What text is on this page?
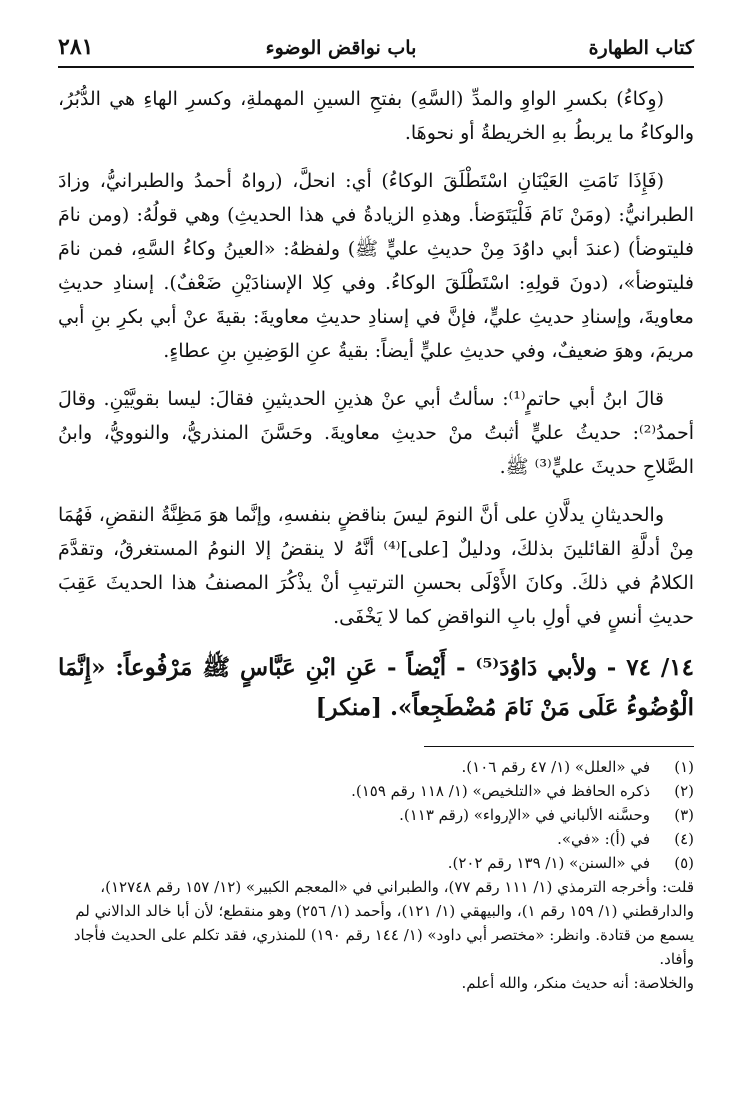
٢٨١	باب نواقض الوضوء	كتاب الطهارة

(وِكاءُ) بكسرِ الواوِ والمدِّ (السَّهِ) بفتحِ السينِ المهملةِ، وكسرِ الهاءِ هي الدُّبُرُ، والوكاءُ ما يربطُ بهِ الخريطةُ أو نحوهَا.

(فَإِذَا نَامَتِ العَيْنَانِ اسْتَطْلَقَ الوكاءُ) أي: انحلَّ، (رواهُ أحمدُ والطبرانيُّ، وزادَ الطبرانيُّ: (ومَنْ نَامَ فَلْيَتَوَضأ. وهذهِ الزيادةُ في هذا الحديثِ) وهي قولُهُ: (ومن نامَ فليتوضأ) (عندَ أبي داوُدَ مِنْ حديثِ عليٍّ ﷺ) ولفظهُ: «العينُ وكاءُ السَّهِ، فمن نامَ فليتوضأ»، (دونَ قولِهِ: اسْتَطْلَقَ الوكاءُ. وفي كِلا الإسنادَيْنِ ضَعْفٌ). إسنادِ حديثِ معاويةَ، وإسنادِ حديثِ عليٍّ، فإنَّ في إسنادِ حديثِ معاويةَ: بقيةَ عنْ أبي بكرِ بنِ أبي مريمَ، وهوَ ضعيفٌ، وفي حديثِ عليٍّ أيضاً: بقيةُ عنِ الوَضِينِ بنِ عطاءٍ.

قالَ ابنُ أبي حاتمٍ⁽¹⁾: سألتُ أبي عنْ هذينِ الحديثينِ فقالَ: ليسا بقويَّيْنِ. وقالَ أحمدُ⁽²⁾: حديثُ عليٍّ أثبتُ منْ حديثِ معاويةَ. وحَسَّنَ المنذريُّ، والنوويُّ، وابنُ الصَّلاحِ حديثَ عليٍّ⁽³⁾ ﷺ.

والحديثانِ يدلَّانِ على أنَّ النومَ ليسَ بناقضٍ بنفسهِ، وإنَّما هوَ مَظِنَّةُ النقضِ، فَهُمَا مِنْ أدلَّةِ القائلينَ بذلكَ، ودليلٌ [على]⁽⁴⁾ أنَّهُ لا ينقضُ إلا النومُ المستغرقُ، وتقدَّمَ الكلامُ في ذلكَ. وكانَ الأَوْلَى بحسنِ الترتيبِ أنْ يذْكُرَ المصنفُ هذا الحديثَ عَقِبَ حديثِ أنسٍ في أولِ بابِ النواقضِ كما لا يَخْفَى.

١٤/ ٧٤ - ولأبي دَاوُدَ⁽⁵⁾ - أَيْضاً - عَنِ ابْنِ عَبَّاسٍ ﷺ مَرْفُوعاً: «إِنَّمَا الْوُضُوءُ عَلَى مَنْ نَامَ مُضْطَجِعاً». [منكر]
(١)
في «العلل» (١/ ٤٧ رقم ١٠٦).
(٢)
ذكره الحافظ في «التلخيص» (١/ ١١٨ رقم ١٥٩).
(٣)
وحسَّنه الألباني في «الإرواء» (رقم ١١٣).
(٤)
في (أ): «في».
(٥)
في «السنن» (١/ ١٣٩ رقم ٢٠٢).
قلت: وأخرجه الترمذي (١/ ١١١ رقم ٧٧)، والطبراني في «المعجم الكبير» (١٢/ ١٥٧ رقم ١٢٧٤٨)، والدارقطني (١/ ١٥٩ رقم ١)، والبيهقي (١/ ١٢١)، وأحمد (١/ ٢٥٦) وهو منقطع؛ لأن أبا خالد الدالاني لم يسمع من قتادة. وانظر: «مختصر أبي داود» (١/ ١٤٤ رقم ١٩٠) للمنذري، فقد تكلم على الحديث فأجاد وأفاد.
والخلاصة: أنه حديث منكر، والله أعلم.
